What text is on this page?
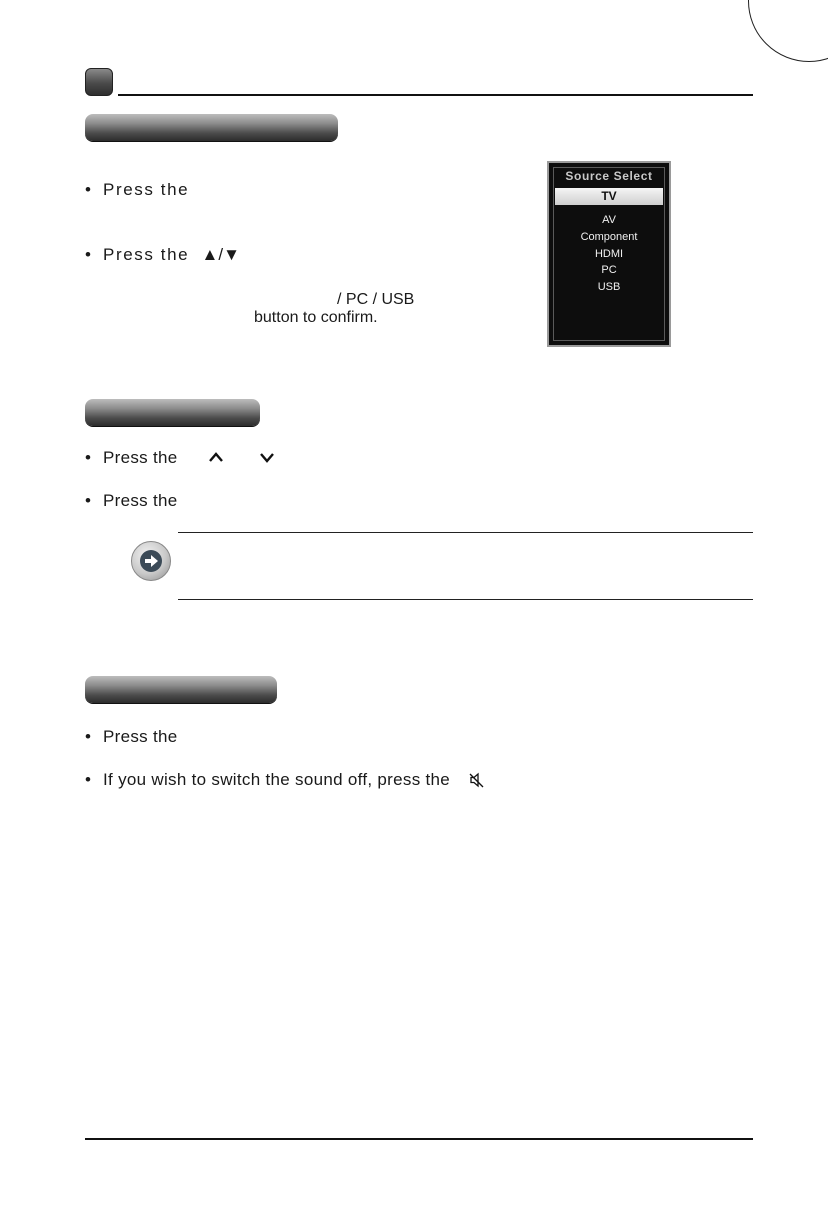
• Press the
• Press the ▲/▼
/ PC / USB
button to confirm.
Source Select
TV
AV
Component
HDMI
PC
USB
• Press the
• Press the
• Press the
• If you wish to switch the sound off, press the
